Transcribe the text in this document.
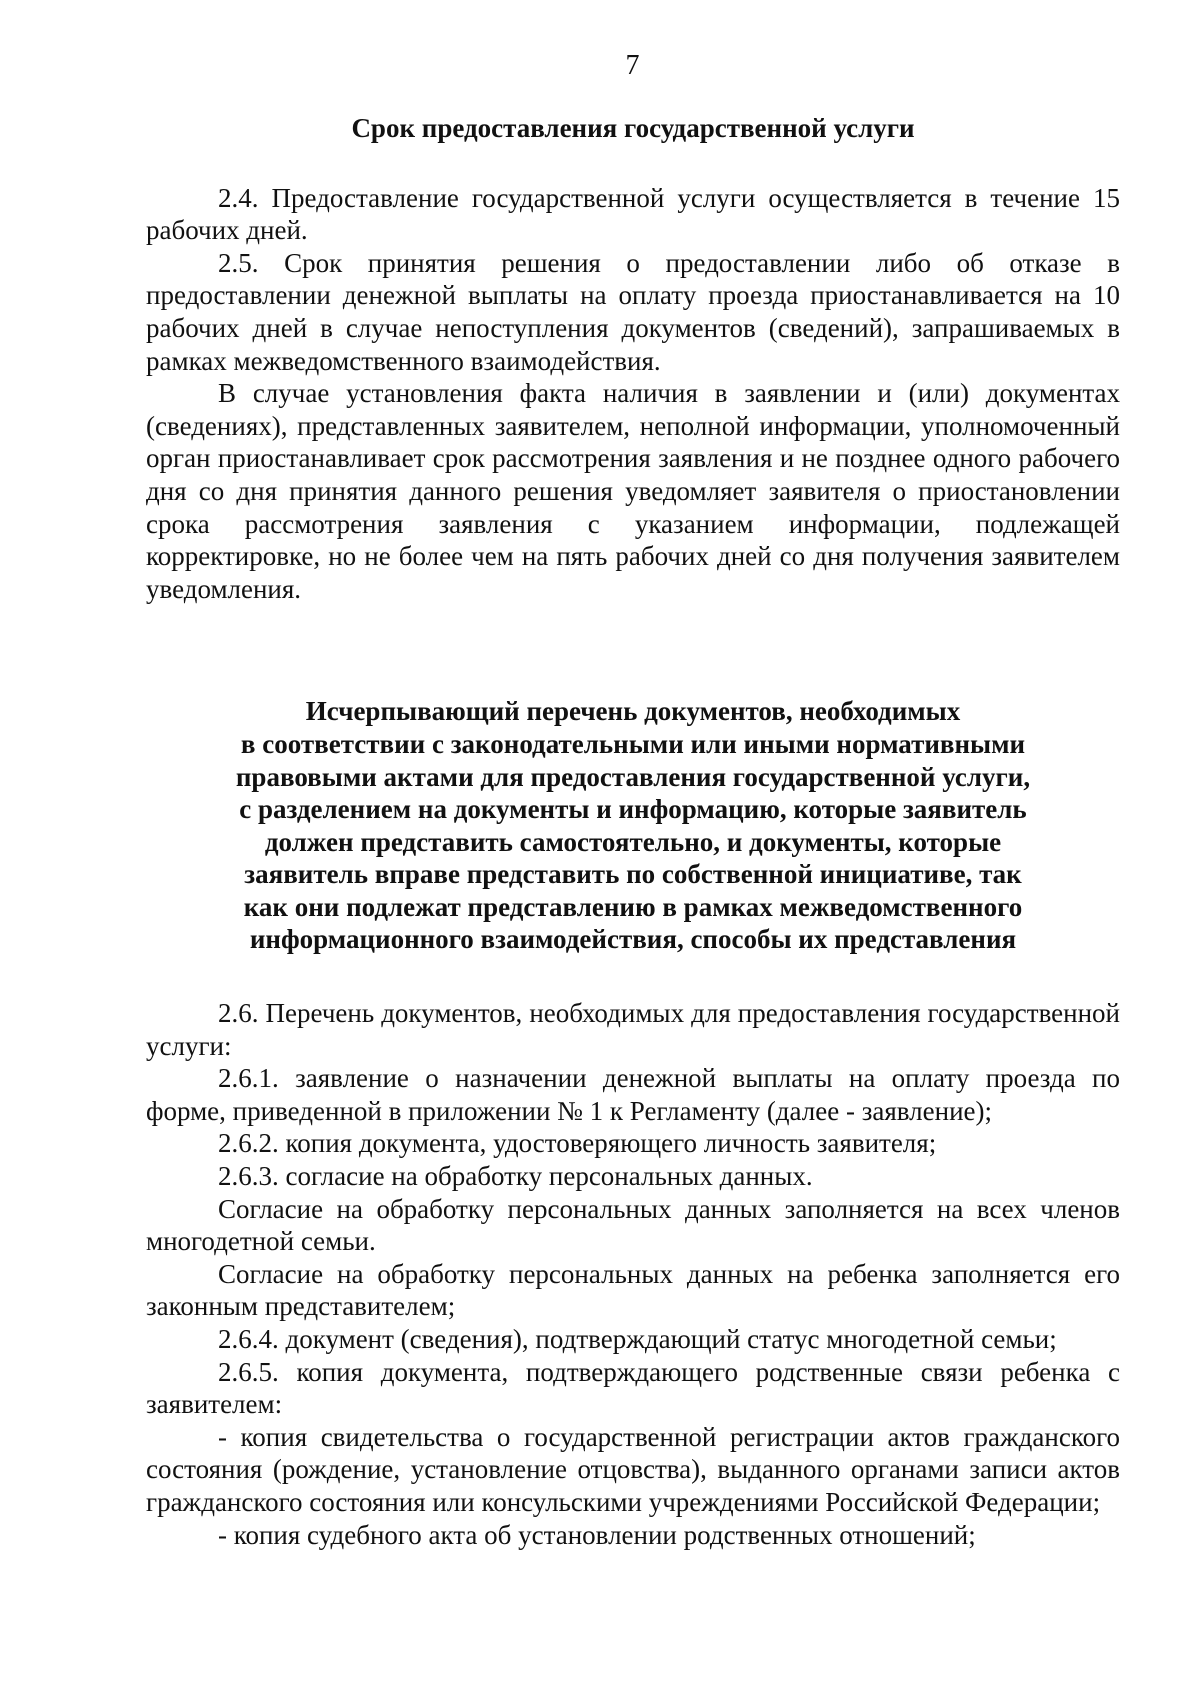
7

Срок предоставления государственной услуги

2.4. Предоставление государственной услуги осуществляется в течение 15 рабочих дней.

2.5. Срок принятия решения о предоставлении либо об отказе в предоставлении денежной выплаты на оплату проезда приостанавливается на 10 рабочих дней в случае непоступления документов (сведений), запрашиваемых в рамках межведомственного взаимодействия.

В случае установления факта наличия в заявлении и (или) документах (сведениях), представленных заявителем, неполной информации, уполномоченный орган приостанавливает срок рассмотрения заявления и не позднее одного рабочего дня со дня принятия данного решения уведомляет заявителя о приостановлении срока рассмотрения заявления с указанием информации, подлежащей корректировке, но не более чем на пять рабочих дней со дня получения заявителем уведомления.

Исчерпывающий перечень документов, необходимых
в соответствии с законодательными или иными нормативными
правовыми актами для предоставления государственной услуги,
с разделением на документы и информацию, которые заявитель
должен представить самостоятельно, и документы, которые
заявитель вправе представить по собственной инициативе, так
как они подлежат представлению в рамках межведомственного
информационного взаимодействия, способы их представления

2.6. Перечень документов, необходимых для предоставления государственной услуги:

2.6.1. заявление о назначении денежной выплаты на оплату проезда по форме, приведенной в приложении № 1 к Регламенту (далее - заявление);

2.6.2. копия документа, удостоверяющего личность заявителя;

2.6.3. согласие на обработку персональных данных.

Согласие на обработку персональных данных заполняется на всех членов многодетной семьи.

Согласие на обработку персональных данных на ребенка заполняется его законным представителем;

2.6.4. документ (сведения), подтверждающий статус многодетной семьи;

2.6.5. копия документа, подтверждающего родственные связи ребенка с заявителем:

- копия свидетельства о государственной регистрации актов гражданского состояния (рождение, установление отцовства), выданного органами записи актов гражданского состояния или консульскими учреждениями Российской Федерации;

- копия судебного акта об установлении родственных отношений;
